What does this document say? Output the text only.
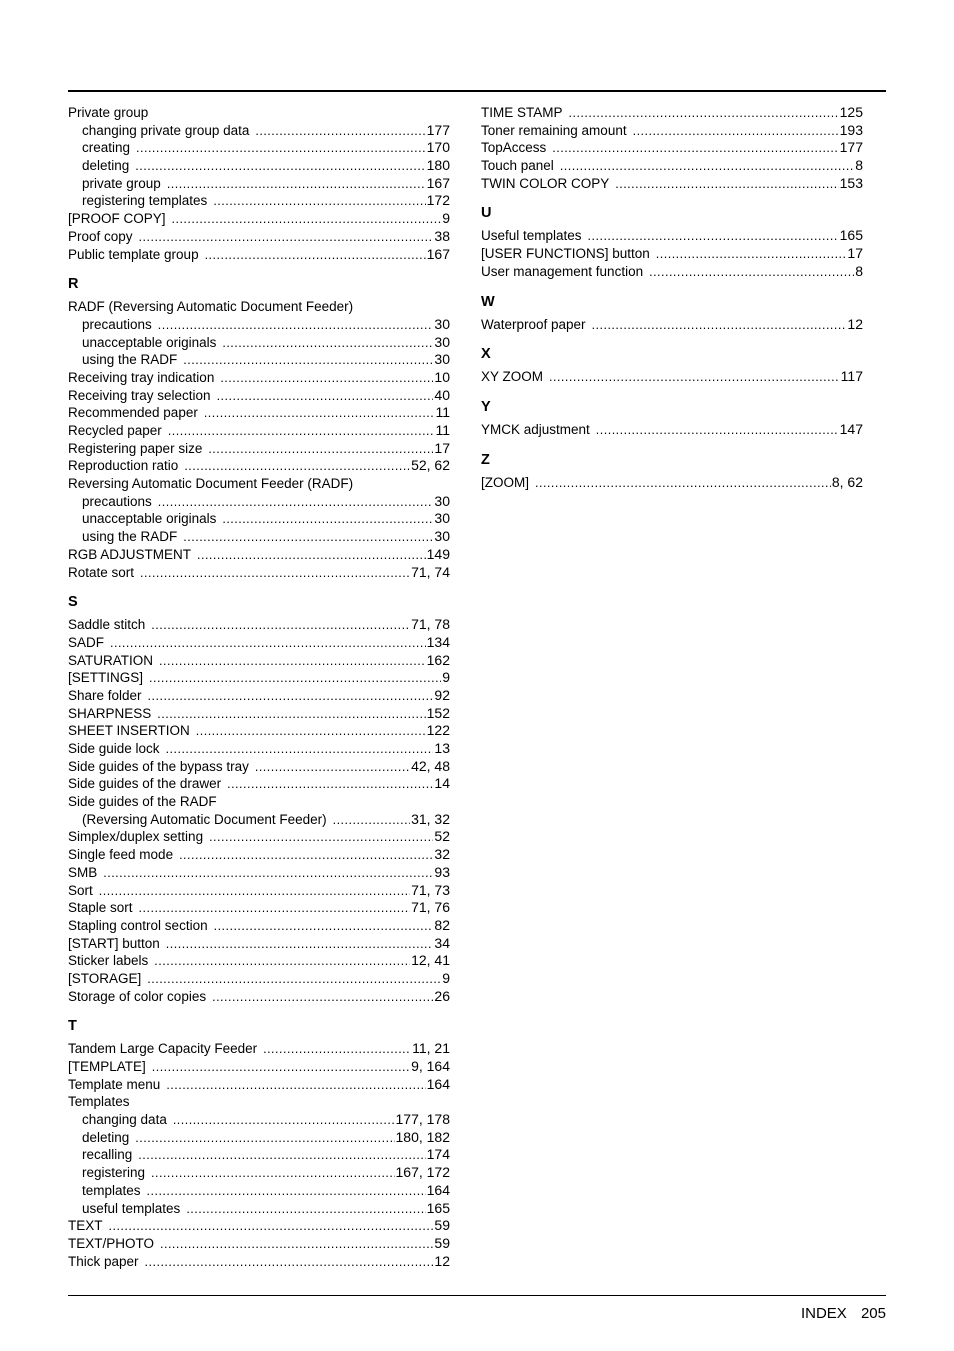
Private group
changing private group data .....	177
creating .....	170
deleting .....	180
private group .....	167
registering templates .....	172
[PROOF COPY] .....	9
Proof copy .....	38
Public template group .....	167
R
RADF (Reversing Automatic Document Feeder)
precautions .....	30
unacceptable originals .....	30
using the RADF .....	30
Receiving tray indication .....	10
Receiving tray selection .....	40
Recommended paper .....	11
Recycled paper .....	11
Registering paper size .....	17
Reproduction ratio .....	52, 62
Reversing Automatic Document Feeder (RADF)
precautions .....	30
unacceptable originals .....	30
using the RADF .....	30
RGB ADJUSTMENT .....	149
Rotate sort .....	71, 74
S
Saddle stitch .....	71, 78
SADF .....	134
SATURATION .....	162
[SETTINGS] .....	9
Share folder .....	92
SHARPNESS .....	152
SHEET INSERTION .....	122
Side guide lock .....	13
Side guides of the bypass tray .....	42, 48
Side guides of the drawer .....	14
Side guides of the RADF
(Reversing Automatic Document Feeder) .....	31, 32
Simplex/duplex setting .....	52
Single feed mode .....	32
SMB .....	93
Sort .....	71, 73
Staple sort .....	71, 76
Stapling control section .....	82
[START] button .....	34
Sticker labels .....	12, 41
[STORAGE] .....	9
Storage of color copies .....	26
T
Tandem Large Capacity Feeder .....	11, 21
[TEMPLATE] .....	9, 164
Template menu .....	164
Templates
changing data .....	177, 178
deleting .....	180, 182
recalling .....	174
registering .....	167, 172
templates .....	164
useful templates .....	165
TEXT .....	59
TEXT/PHOTO .....	59
Thick paper .....	12
TIME STAMP .....	125
Toner remaining amount .....	193
TopAccess .....	177
Touch panel .....	8
TWIN COLOR COPY .....	153
U
Useful templates .....	165
[USER FUNCTIONS] button .....	17
User management function .....	8
W
Waterproof paper .....	12
X
XY ZOOM .....	117
Y
YMCK adjustment .....	147
Z
[ZOOM] .....	8, 62
INDEX 205
